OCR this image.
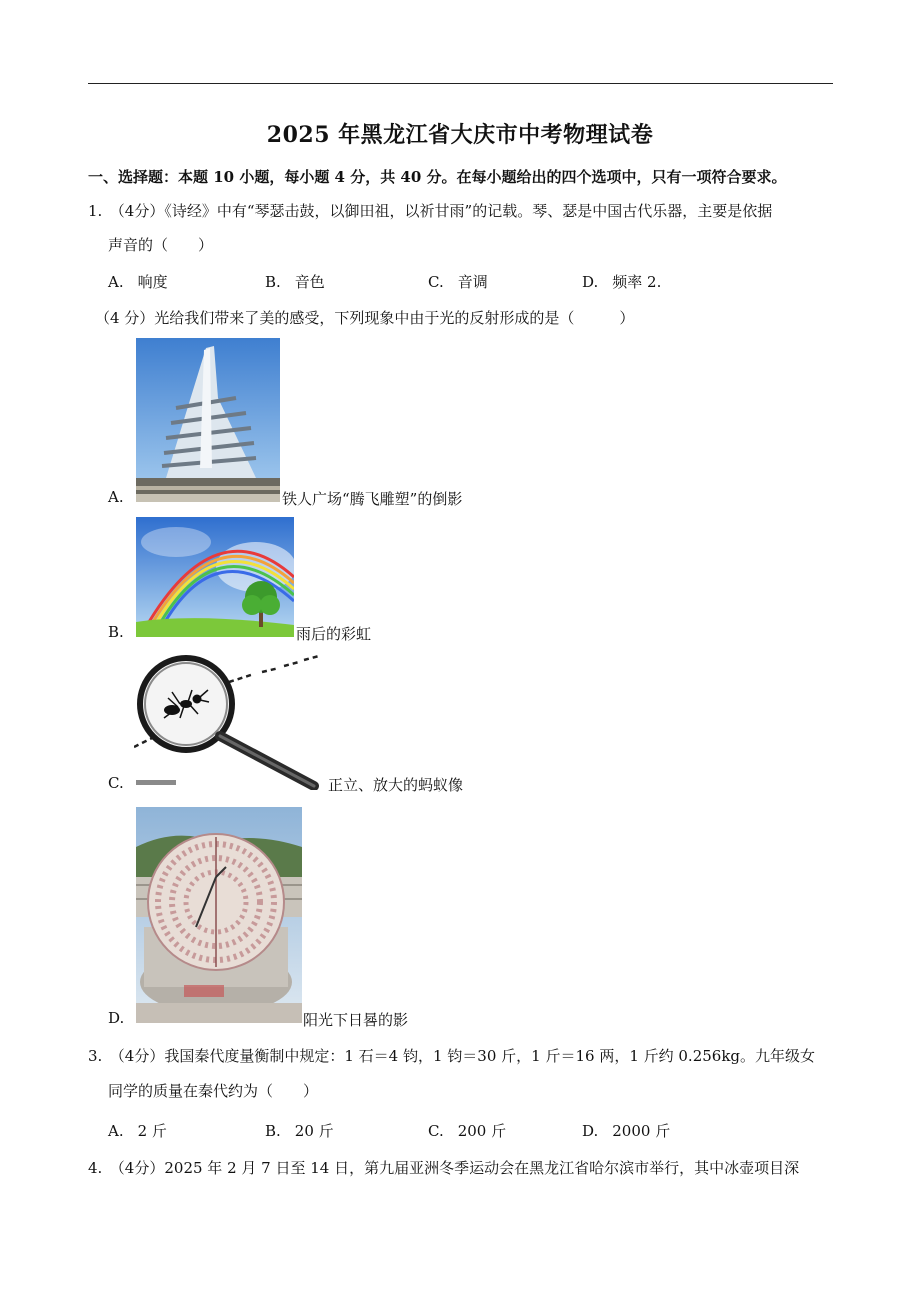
2025 年黑龙江省大庆市中考物理试卷
一、选择题：本题 10 小题，每小题 4 分，共 40 分。在每小题给出的四个选项中，只有一项符合要求。
1.　（4分）《诗经》中有“琴瑟击鼓，以御田祖，以祈甘雨”的记载。琴、瑟是中国古代乐器，主要是依据
声音的（　　）
A. 响度	B. 音色	C. 音调	D. 频率 2.
（4 分）光给我们带来了美的感受，下列现象中由于光的反射形成的是（　　　）
A.	铁人广场“腾飞雕塑”的倒影
B.	雨后的彩虹
C.	正立、放大的蚂蚁像
D.	阳光下日晷的影
3.　（4分）我国秦代度量衡制中规定：1 石＝4 钧，1 钧＝30 斤，1 斤＝16 两，1 斤约 0.256kg。九年级女
同学的质量在秦代约为（　　）
A. 2 斤	B. 20 斤	C. 200 斤	D. 2000 斤
4.　（4分）2025 年 2 月 7 日至 14 日，第九届亚洲冬季运动会在黑龙江省哈尔滨市举行，其中冰壶项目深
